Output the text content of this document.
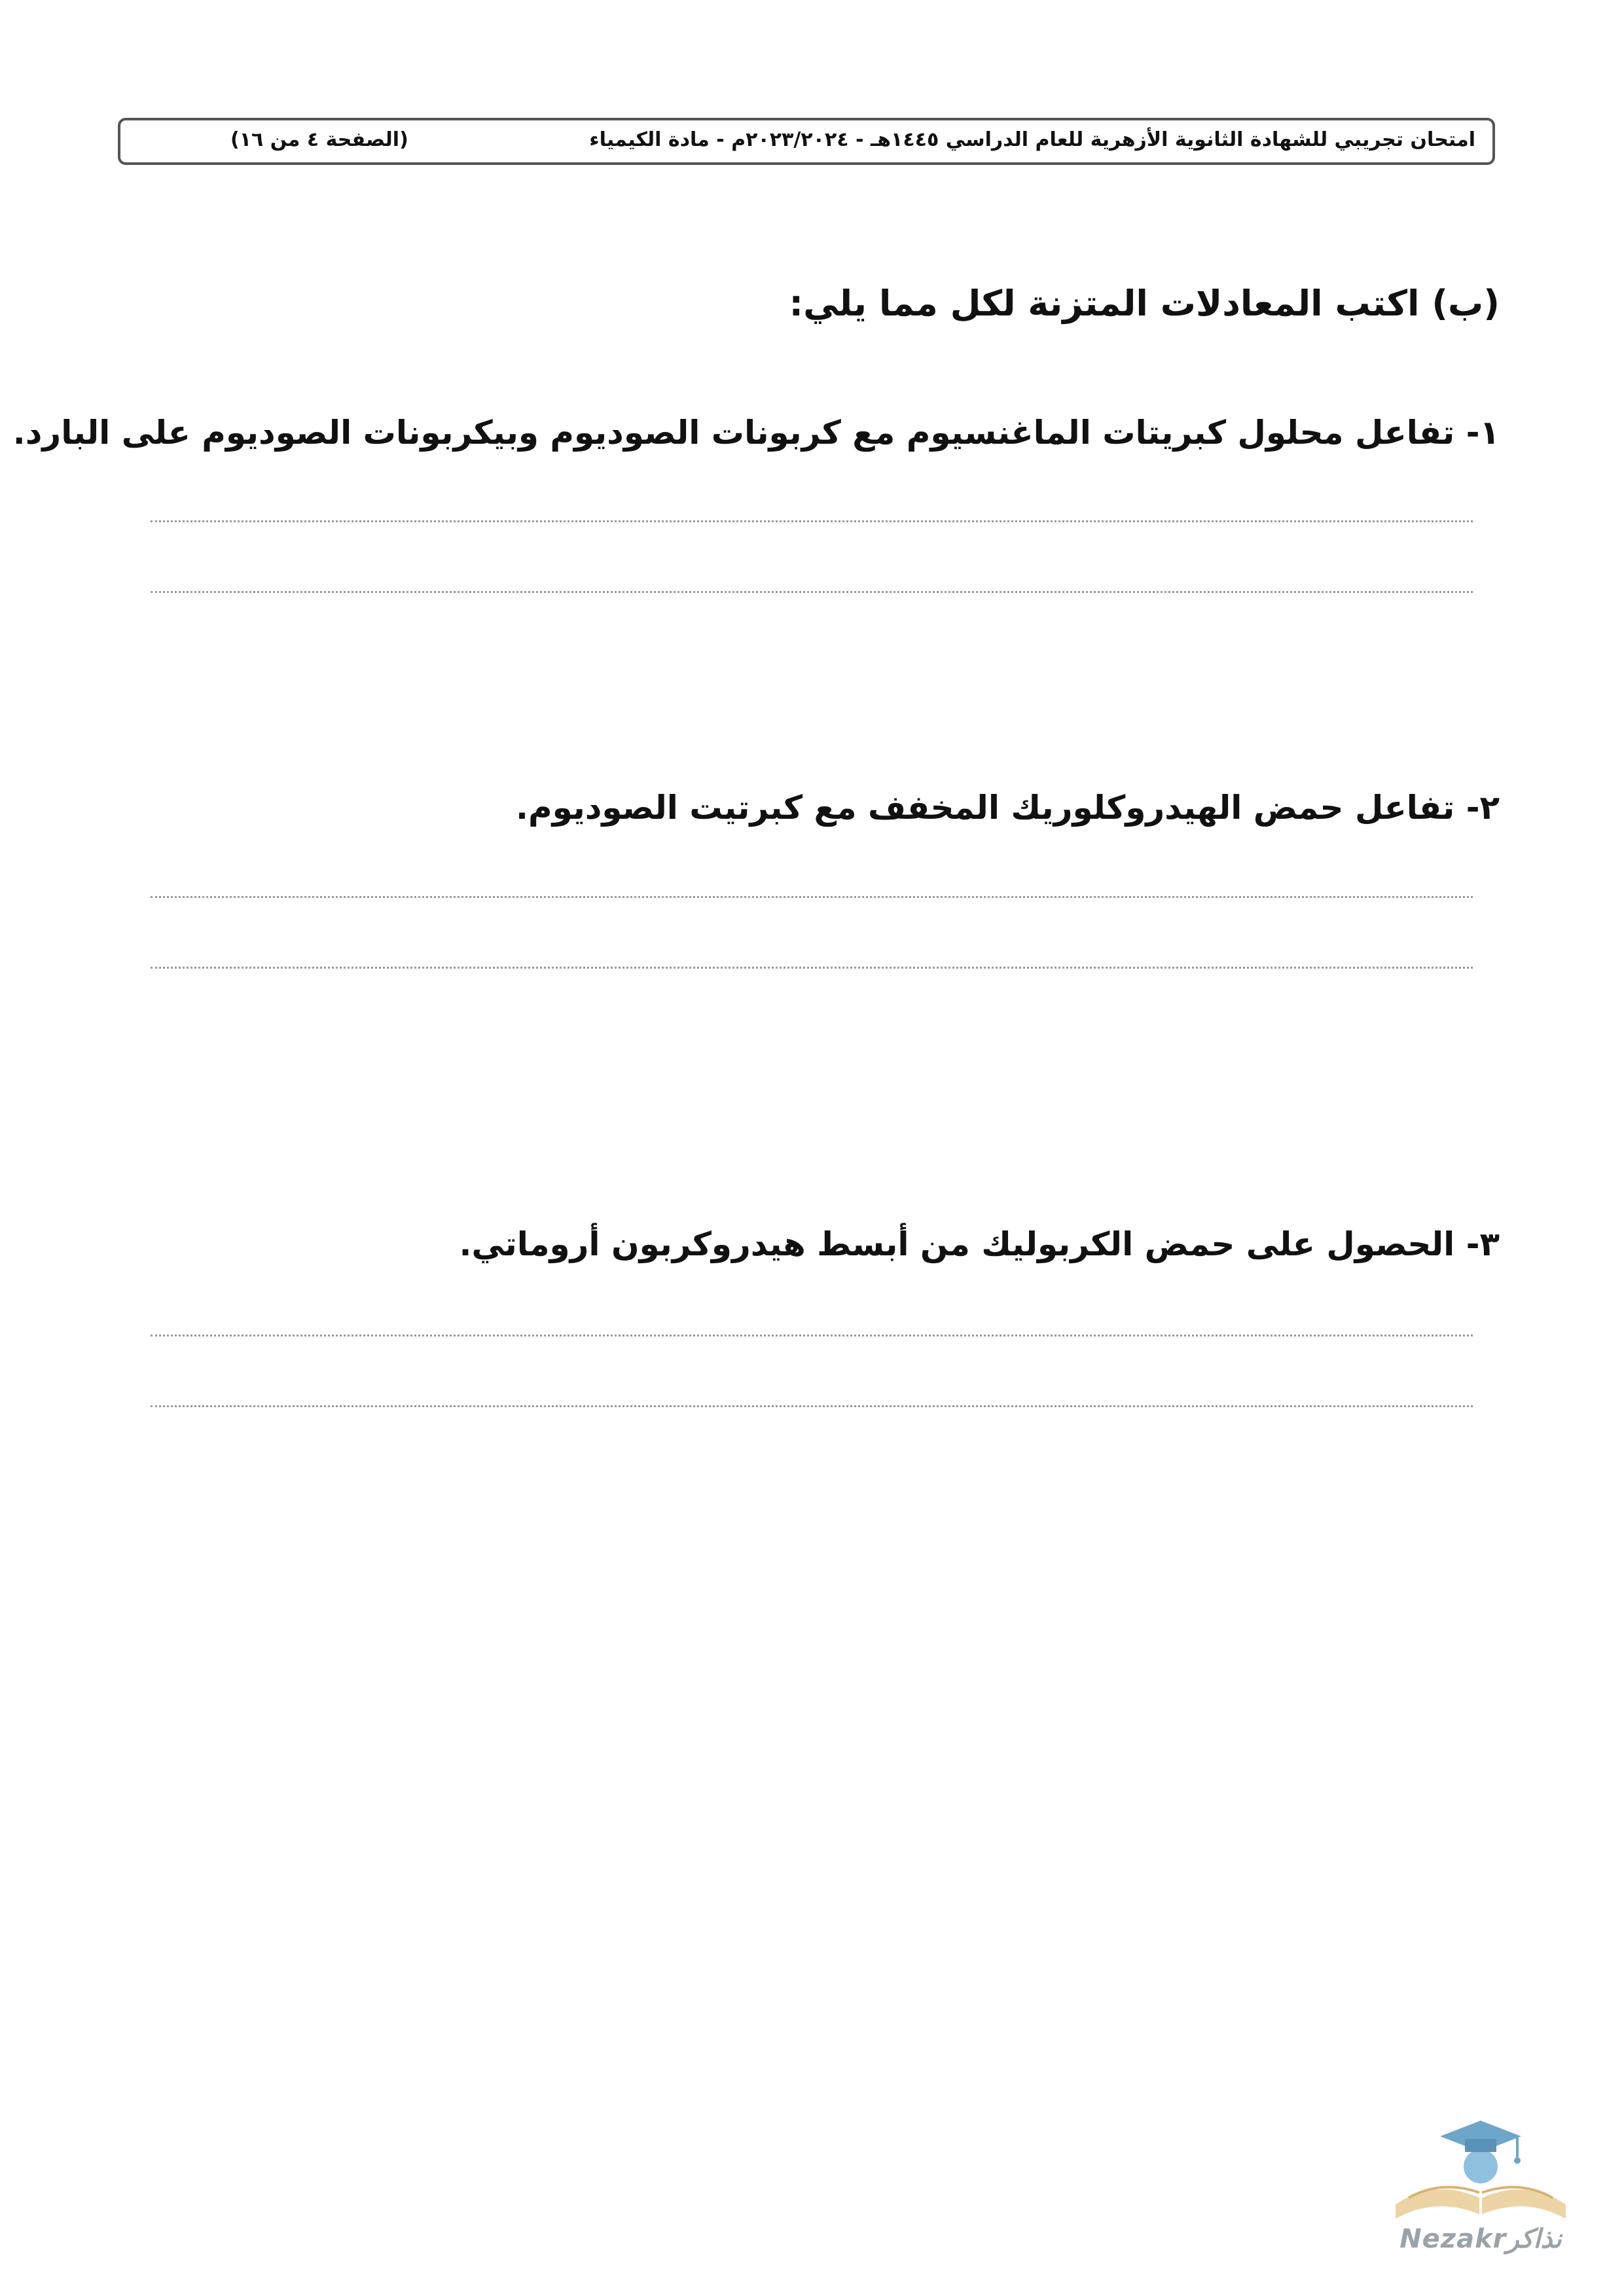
امتحان تجريبي للشهادة الثانوية الأزهرية للعام الدراسي ١٤٤٥هـ - ٢٠٢٣/٢٠٢٤م - مادة الكيمياء
(الصفحة ٤ من ١٦)
(ب) اكتب المعادلات المتزنة لكل مما يلي:
١- تفاعل محلول كبريتات الماغنسيوم مع كربونات الصوديوم وبيكربونات الصوديوم على البارد.
٢- تفاعل حمض الهيدروكلوريك المخفف مع كبرتيت الصوديوم.
٣- الحصول على حمض الكربوليك من أبسط هيدروكربون أروماتي.
Nezakrنذاكر
